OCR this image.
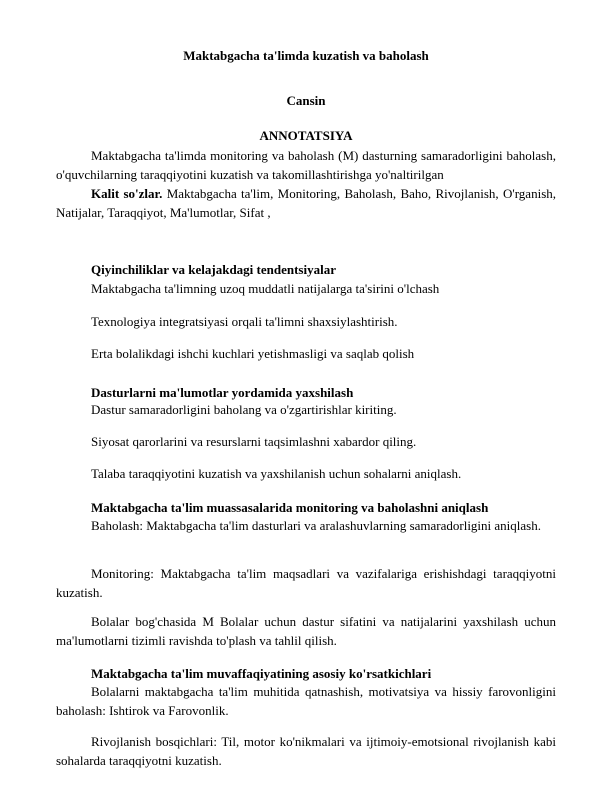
Maktabgacha ta'limda kuzatish va baholash
Cansin
ANNOTATSIYA

Maktabgacha ta'limda monitoring va baholash (M) dasturning samaradorligini baholash, o'quvchilarning taraqqiyotini kuzatish va takomillashtirishga yo'naltirilgan

Kalit so'zlar. Maktabgacha ta'lim, Monitoring, Baholash, Baho, Rivojlanish, O'rganish, Natijalar, Taraqqiyot, Ma'lumotlar, Sifat ,

Qiyinchiliklar va kelajakdagi tendentsiyalar

Maktabgacha ta'limning uzoq muddatli natijalarga ta'sirini o'lchash

Texnologiya integratsiyasi orqali ta'limni shaxsiylashtirish.

Erta bolalikdagi ishchi kuchlari yetishmasligi va saqlab qolish

Dasturlarni ma'lumotlar yordamida yaxshilash

Dastur samaradorligini baholang va o'zgartirishlar kiriting.

Siyosat qarorlarini va resurslarni taqsimlashni xabardor qiling.

Talaba taraqqiyotini kuzatish va yaxshilanish uchun sohalarni aniqlash.

Maktabgacha ta'lim muassasalarida monitoring va baholashni aniqlash

Baholash: Maktabgacha ta'lim dasturlari va aralashuvlarning samaradorligini aniqlash.

Monitoring: Maktabgacha ta'lim maqsadlari va vazifalariga erishishdagi taraqqiyotni kuzatish.

Bolalar bog'chasida M Bolalar uchun dastur sifatini va natijalarini yaxshilash uchun ma'lumotlarni tizimli ravishda to'plash va tahlil qilish.

Maktabgacha ta'lim muvaffaqiyatining asosiy ko'rsatkichlari

Bolalarni maktabgacha ta'lim muhitida qatnashish, motivatsiya va hissiy farovonligini baholash: Ishtirok va Farovonlik.

Rivojlanish bosqichlari: Til, motor ko'nikmalari va ijtimoiy-emotsional rivojlanish kabi sohalarda taraqqiyotni kuzatish.
